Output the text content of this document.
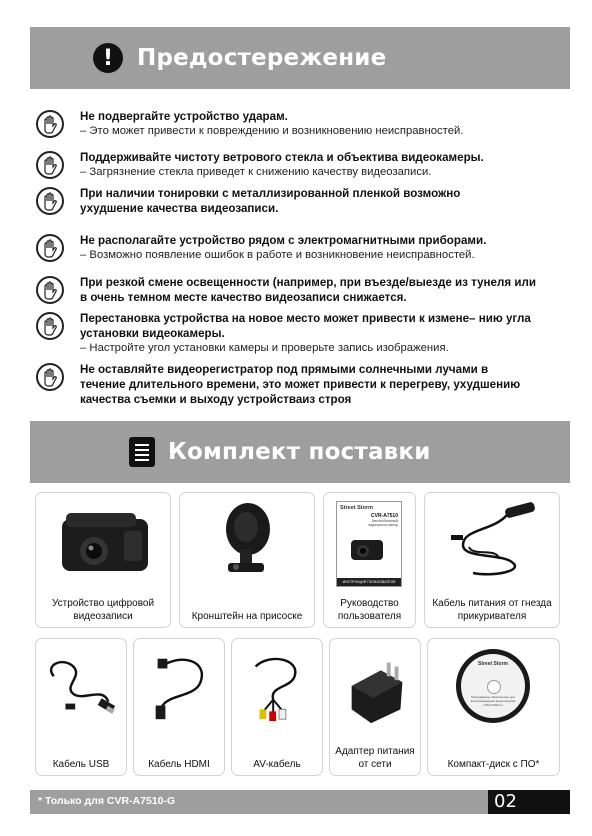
!	Предостережение
Не подвергайте устройство ударам.
– Это может привести к повреждению и возникновению неисправностей.
Поддерживайте чистоту ветрового стекла и объектива видеокамеры.
– Загрязнение стекла приведет к снижению качеству видеозаписи.
При наличии тонировки с металлизированной пленкой возможно ухудшение качества видеозаписи.
Не располагайте устройство рядом с электромагнитными приборами.
– Возможно появление ошибок в работе и возникновение неисправностей.
При резкой смене освещенности (например, при въезде/выезде из тунеля или в очень темном месте качество видеозаписи снижается.
Перестановка устройства на новое место может привести к измене– нию угла установки видеокамеры.
– Настройте угол установки камеры и проверьте запись изображения.
Не оставляйте видеорегистратор под прямыми солнечными лучами в течение длительного времени, это может привести к перегреву, ухудшению качества съемки и выходу устройстваиз строя
Комплект поставки
Устройство цифровой видеозаписи	Кронштейн на присоске
Street Storm
CVR-A7510
Автомобильный видеорегистратор
ИНСТРУКЦИЯ ПОЛЬЗОВАТЕЛЯ
Руководство пользователя
Кабель питания от гнезда прикуривателя
Кабель USB	Кабель HDMI	AV-кабель
Адаптер питания от сети
Street Storm
Программное обеспечение для воспроизведения видеозаписей CVR-A7510-G
Компакт-диск с ПО*
* Только для CVR-A7510-G	02
